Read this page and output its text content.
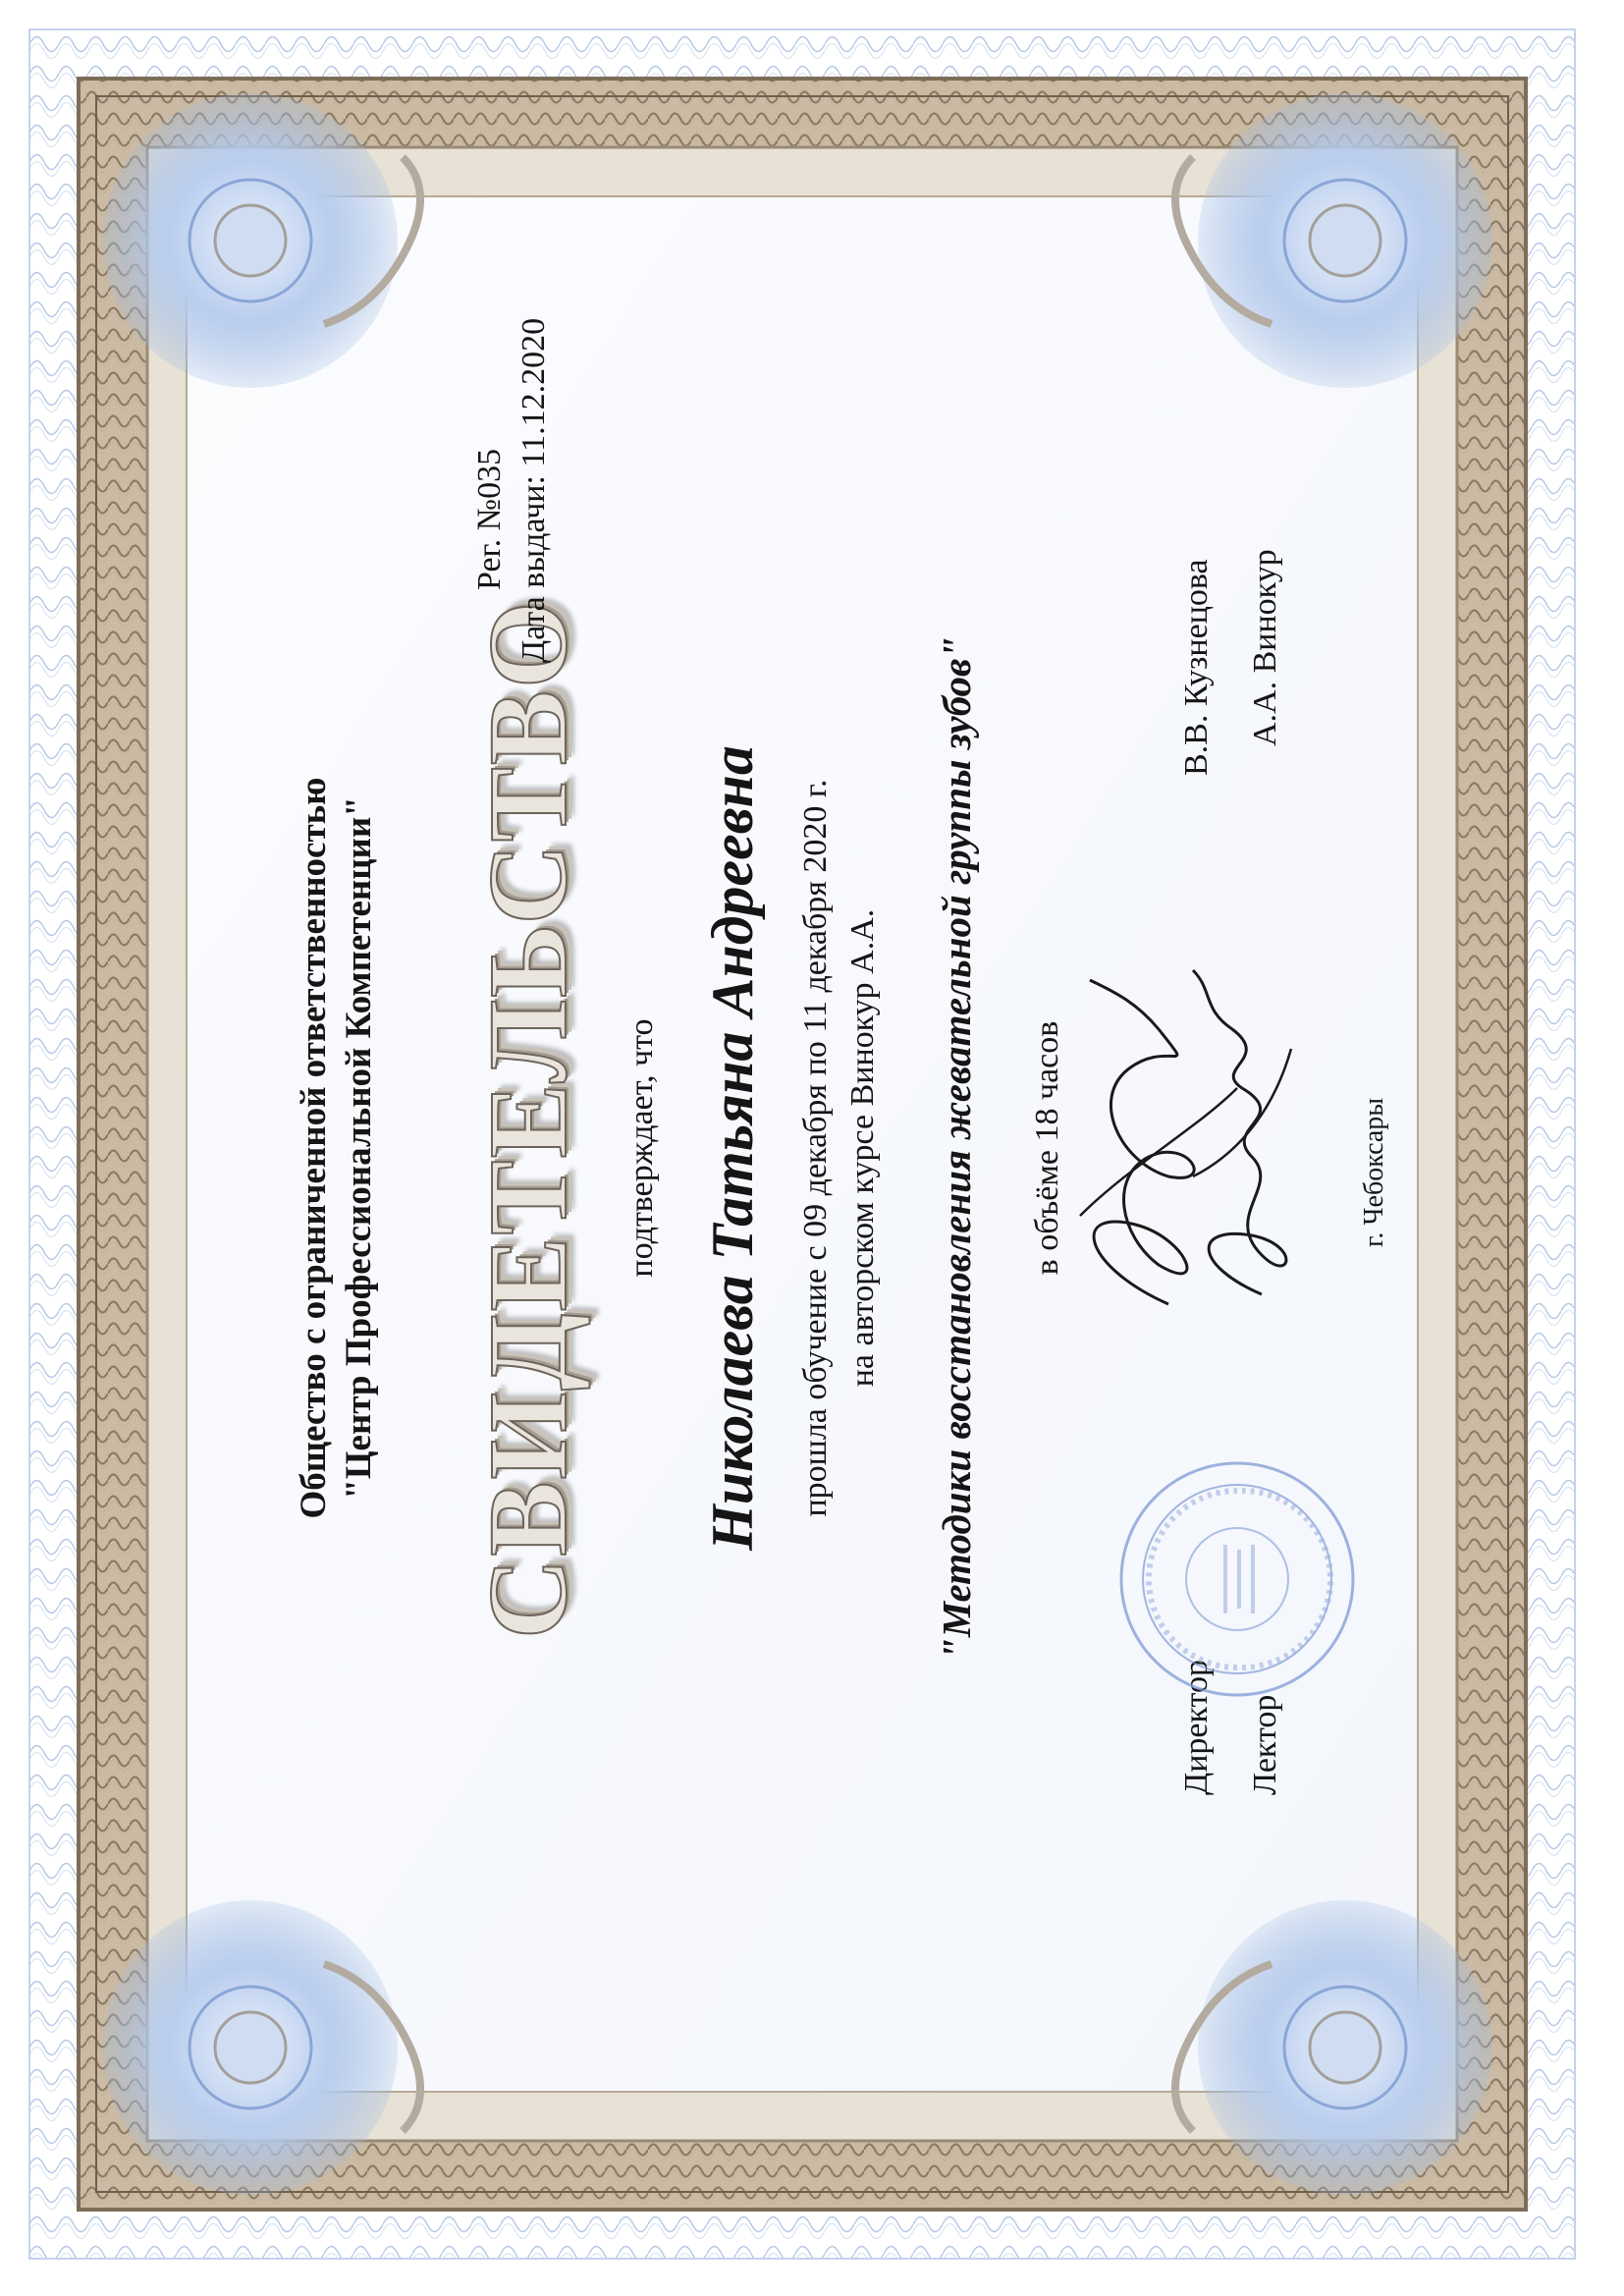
Общество с ограниченной ответственностью "Центр Профессиональной Компетенции" СВИДЕТЕЛЬСТВО
Рег. №035 Дата выдачи: 11.12.2020
подтверждает, что Николаева Татьяна Андреевна прошла обучение с 09 декабря по 11 декабря 2020 г. на авторском курсе Винокур А.А. "Методики восстановления жевательной группы зубов" в объёме 18 часов
Директор
В.В. Кузнецова
Лектор
А.А. Винокур
г. Чебоксары
